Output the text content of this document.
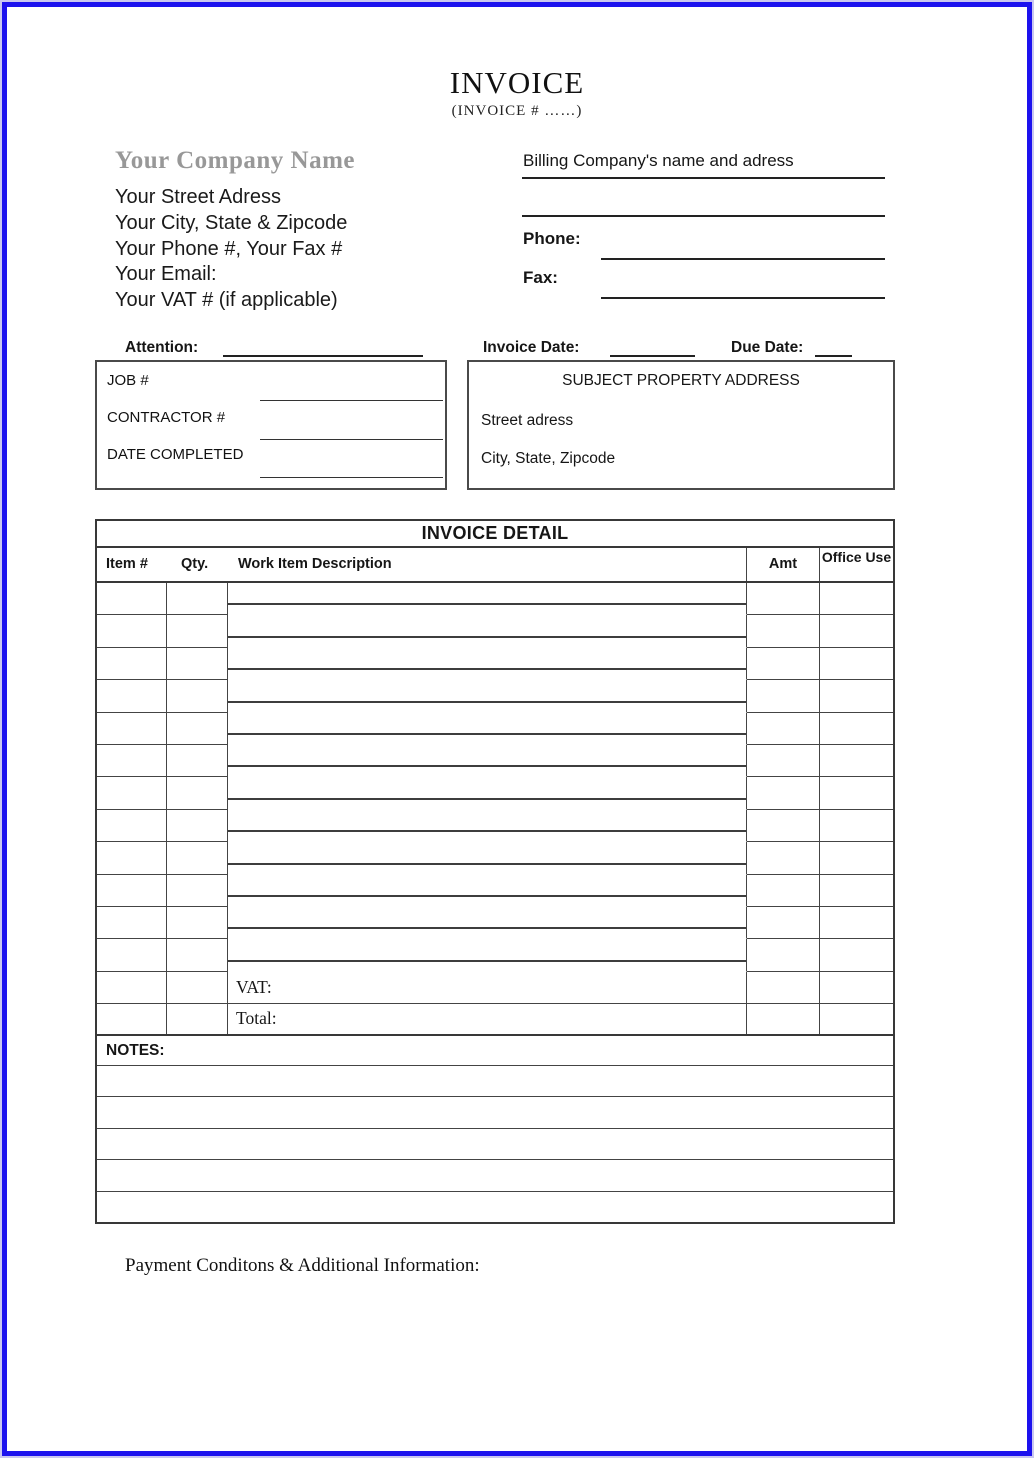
INVOICE
(INVOICE # ……)
Your Company Name
Your Street Adress
Your City, State & Zipcode
Your Phone #, Your Fax #
Your Email:
Your VAT # (if applicable)
Billing Company's name and adress
Phone:
Fax:
Attention:	Invoice Date:	Due Date:
JOB #
CONTRACTOR #
DATE COMPLETED
SUBJECT PROPERTY ADDRESS
Street adress
City, State, Zipcode
INVOICE DETAIL
Item # Qty. Work Item Description	Amt	Office Use
VAT:
Total:
NOTES:
Payment Conditons & Additional Information:
